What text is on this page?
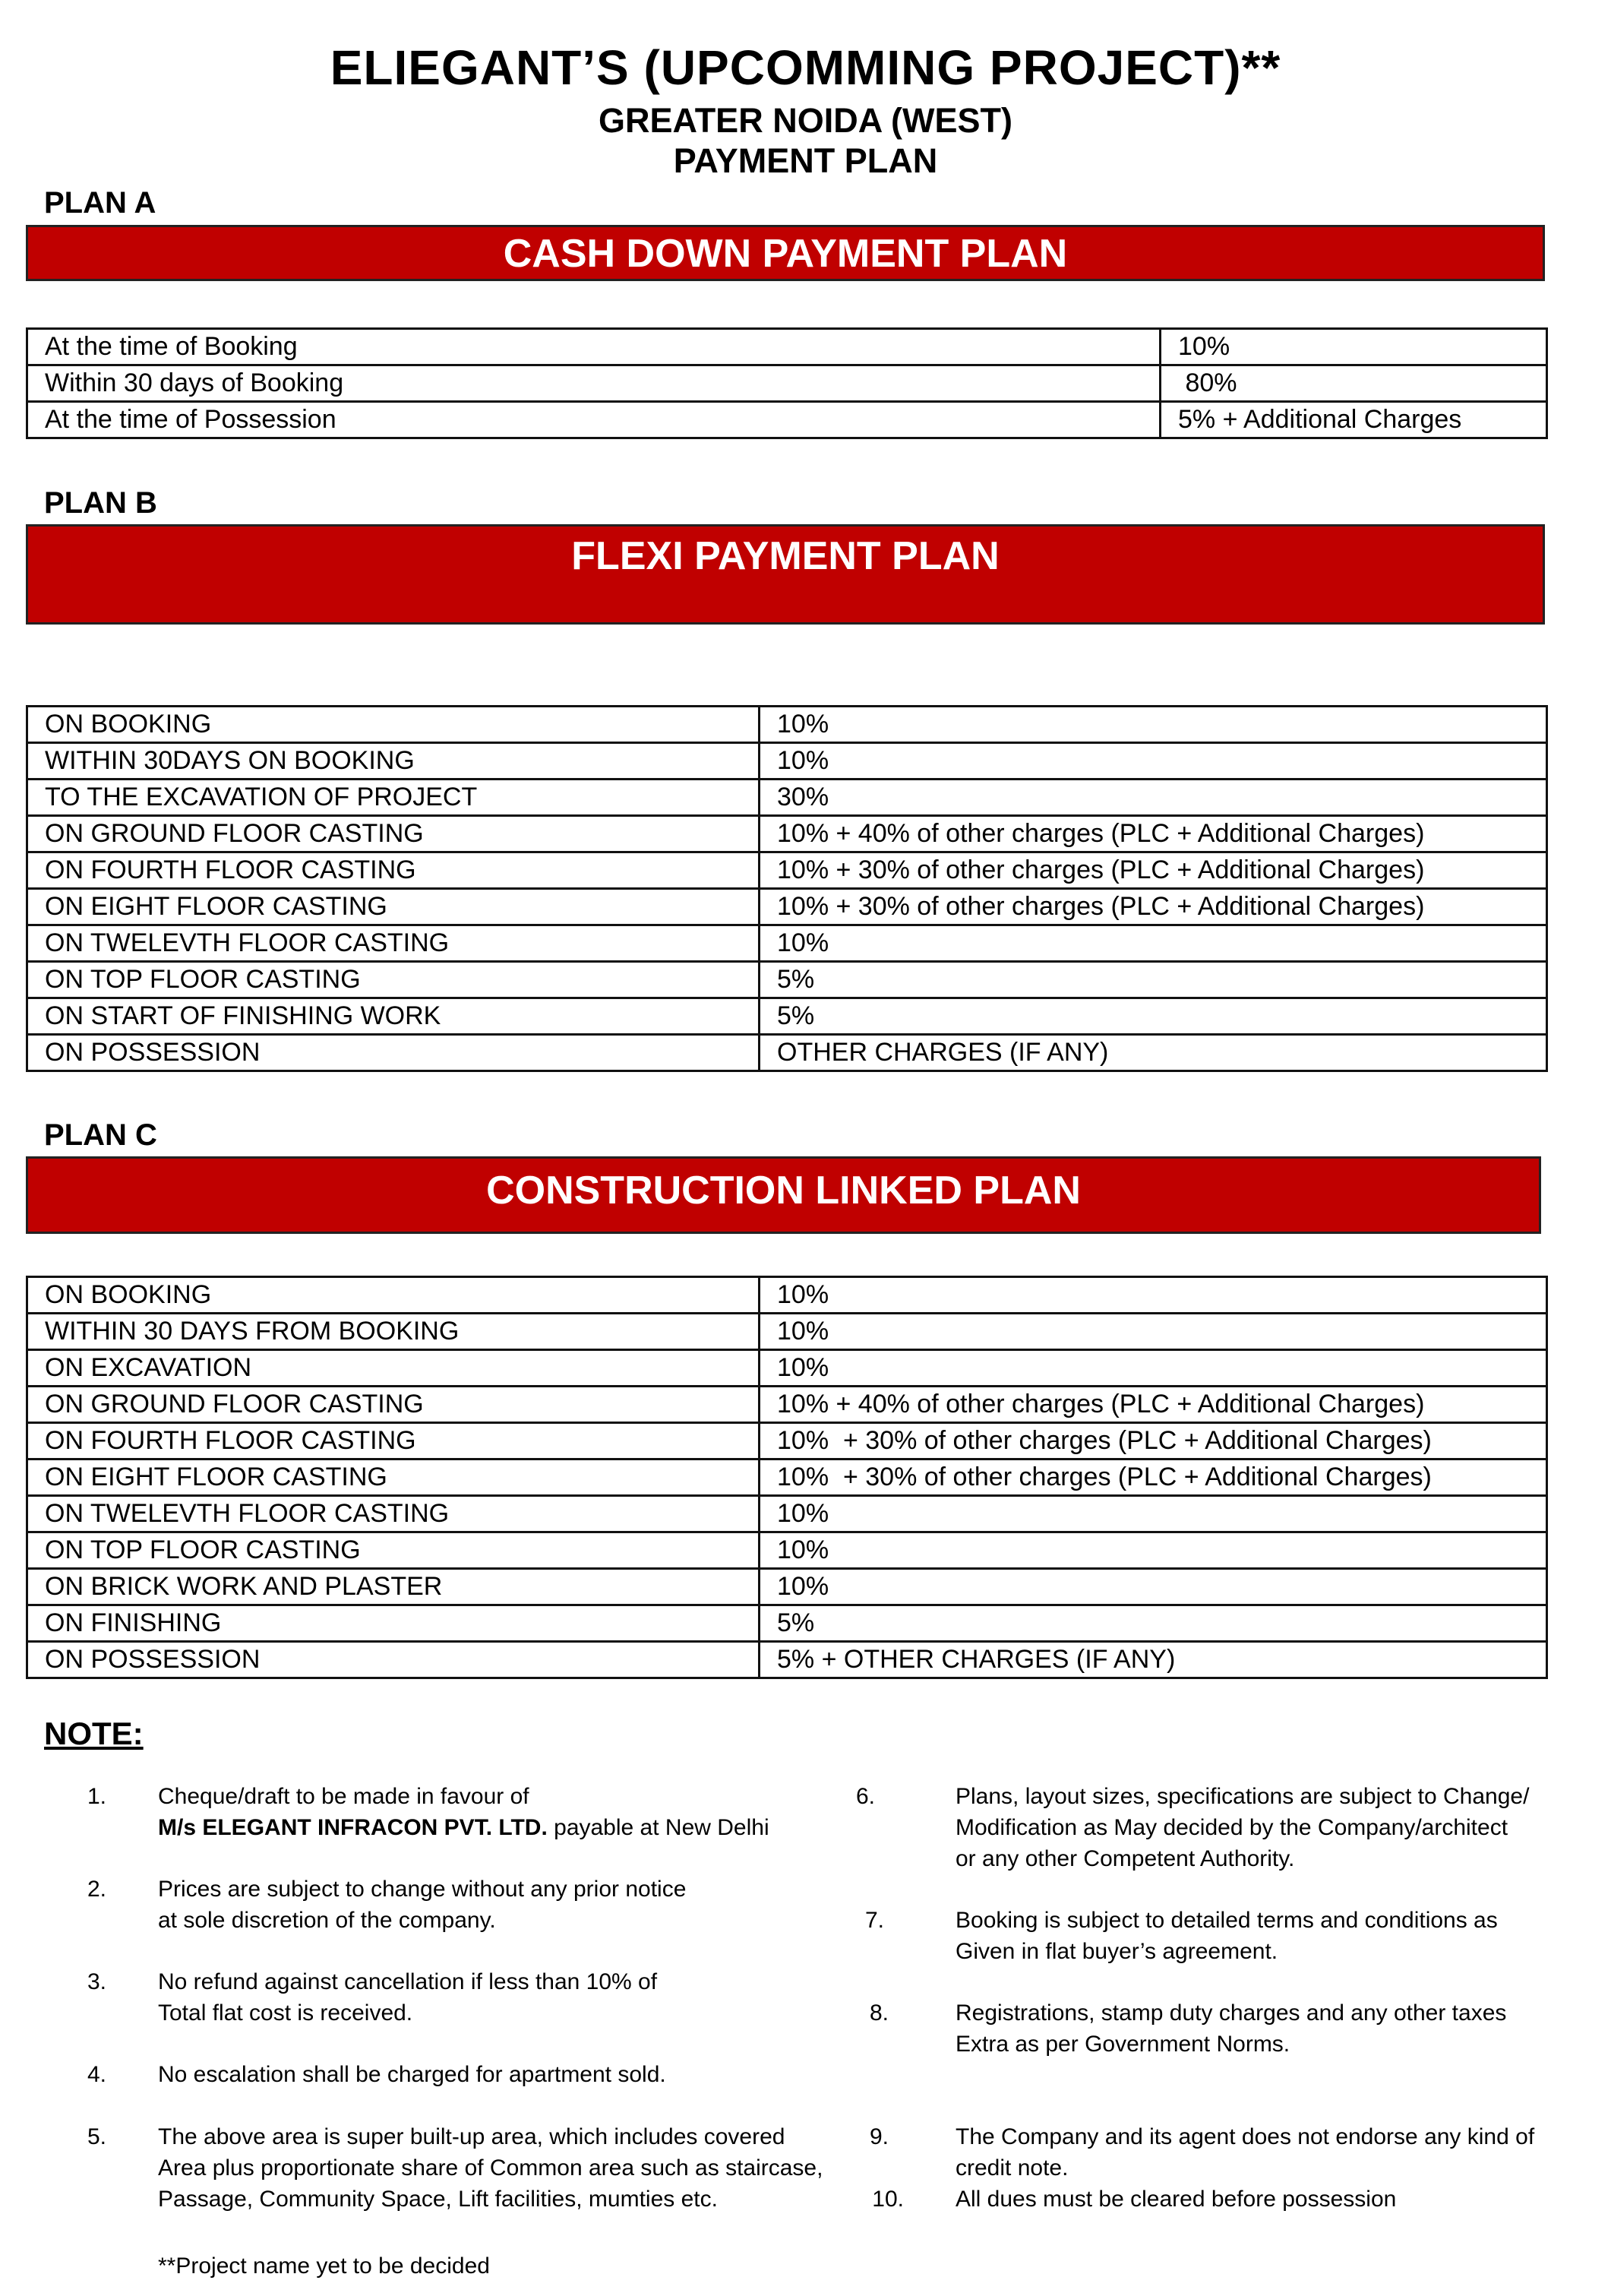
ELIEGANT’S (UPCOMMING PROJECT)**
GREATER NOIDA (WEST)
PAYMENT PLAN
PLAN A
CASH DOWN PAYMENT PLAN
At the time of Booking	10%
Within 30 days of Booking	80%
At the time of Possession	5% + Additional Charges
PLAN B
FLEXI PAYMENT PLAN
ON BOOKING	10%
WITHIN 30DAYS ON BOOKING	10%
TO THE EXCAVATION OF PROJECT	30%
ON GROUND FLOOR CASTING	10% + 40% of other charges (PLC + Additional Charges)
ON FOURTH FLOOR CASTING	10% + 30% of other charges (PLC + Additional Charges)
ON EIGHT FLOOR CASTING	10% + 30% of other charges (PLC + Additional Charges)
ON TWELEVTH FLOOR CASTING	10%
ON TOP FLOOR CASTING	5%
ON START OF FINISHING WORK	5%
ON POSSESSION	OTHER CHARGES (IF ANY)
PLAN C
CONSTRUCTION LINKED PLAN
ON BOOKING	10%
WITHIN 30 DAYS FROM BOOKING	10%
ON EXCAVATION	10%
ON GROUND FLOOR CASTING	10% + 40% of other charges (PLC + Additional Charges)
ON FOURTH FLOOR CASTING	10%  + 30% of other charges (PLC + Additional Charges)
ON EIGHT FLOOR CASTING	10%  + 30% of other charges (PLC + Additional Charges)
ON TWELEVTH FLOOR CASTING	10%
ON TOP FLOOR CASTING	10%
ON BRICK WORK AND PLASTER	10%
ON FINISHING	5%
ON POSSESSION	5% + OTHER CHARGES (IF ANY)
NOTE:
1. Cheque/draft to be made in favour of
M/s ELEGANT INFRACON PVT. LTD. payable at New Delhi
2. Prices are subject to change without any prior notice
at sole discretion of the company.
3. No refund against cancellation if less than 10% of
Total flat cost is received.
4. No escalation shall be charged for apartment sold.
5. The above area is super built-up area, which includes covered
Area plus proportionate share of Common area such as staircase,
Passage, Community Space, Lift facilities, mumties etc.
6.	Plans, layout sizes, specifications are subject to Change/
Modification as May decided by the Company/architect
or any other Competent Authority.
7.	Booking is subject to detailed terms and conditions as
Given in flat buyer’s agreement.
8.	Registrations, stamp duty charges and any other taxes
Extra as per Government Norms.
9.	The Company and its agent does not endorse any kind of
credit note.
10. All dues must be cleared before possession
**Project name yet to be decided
